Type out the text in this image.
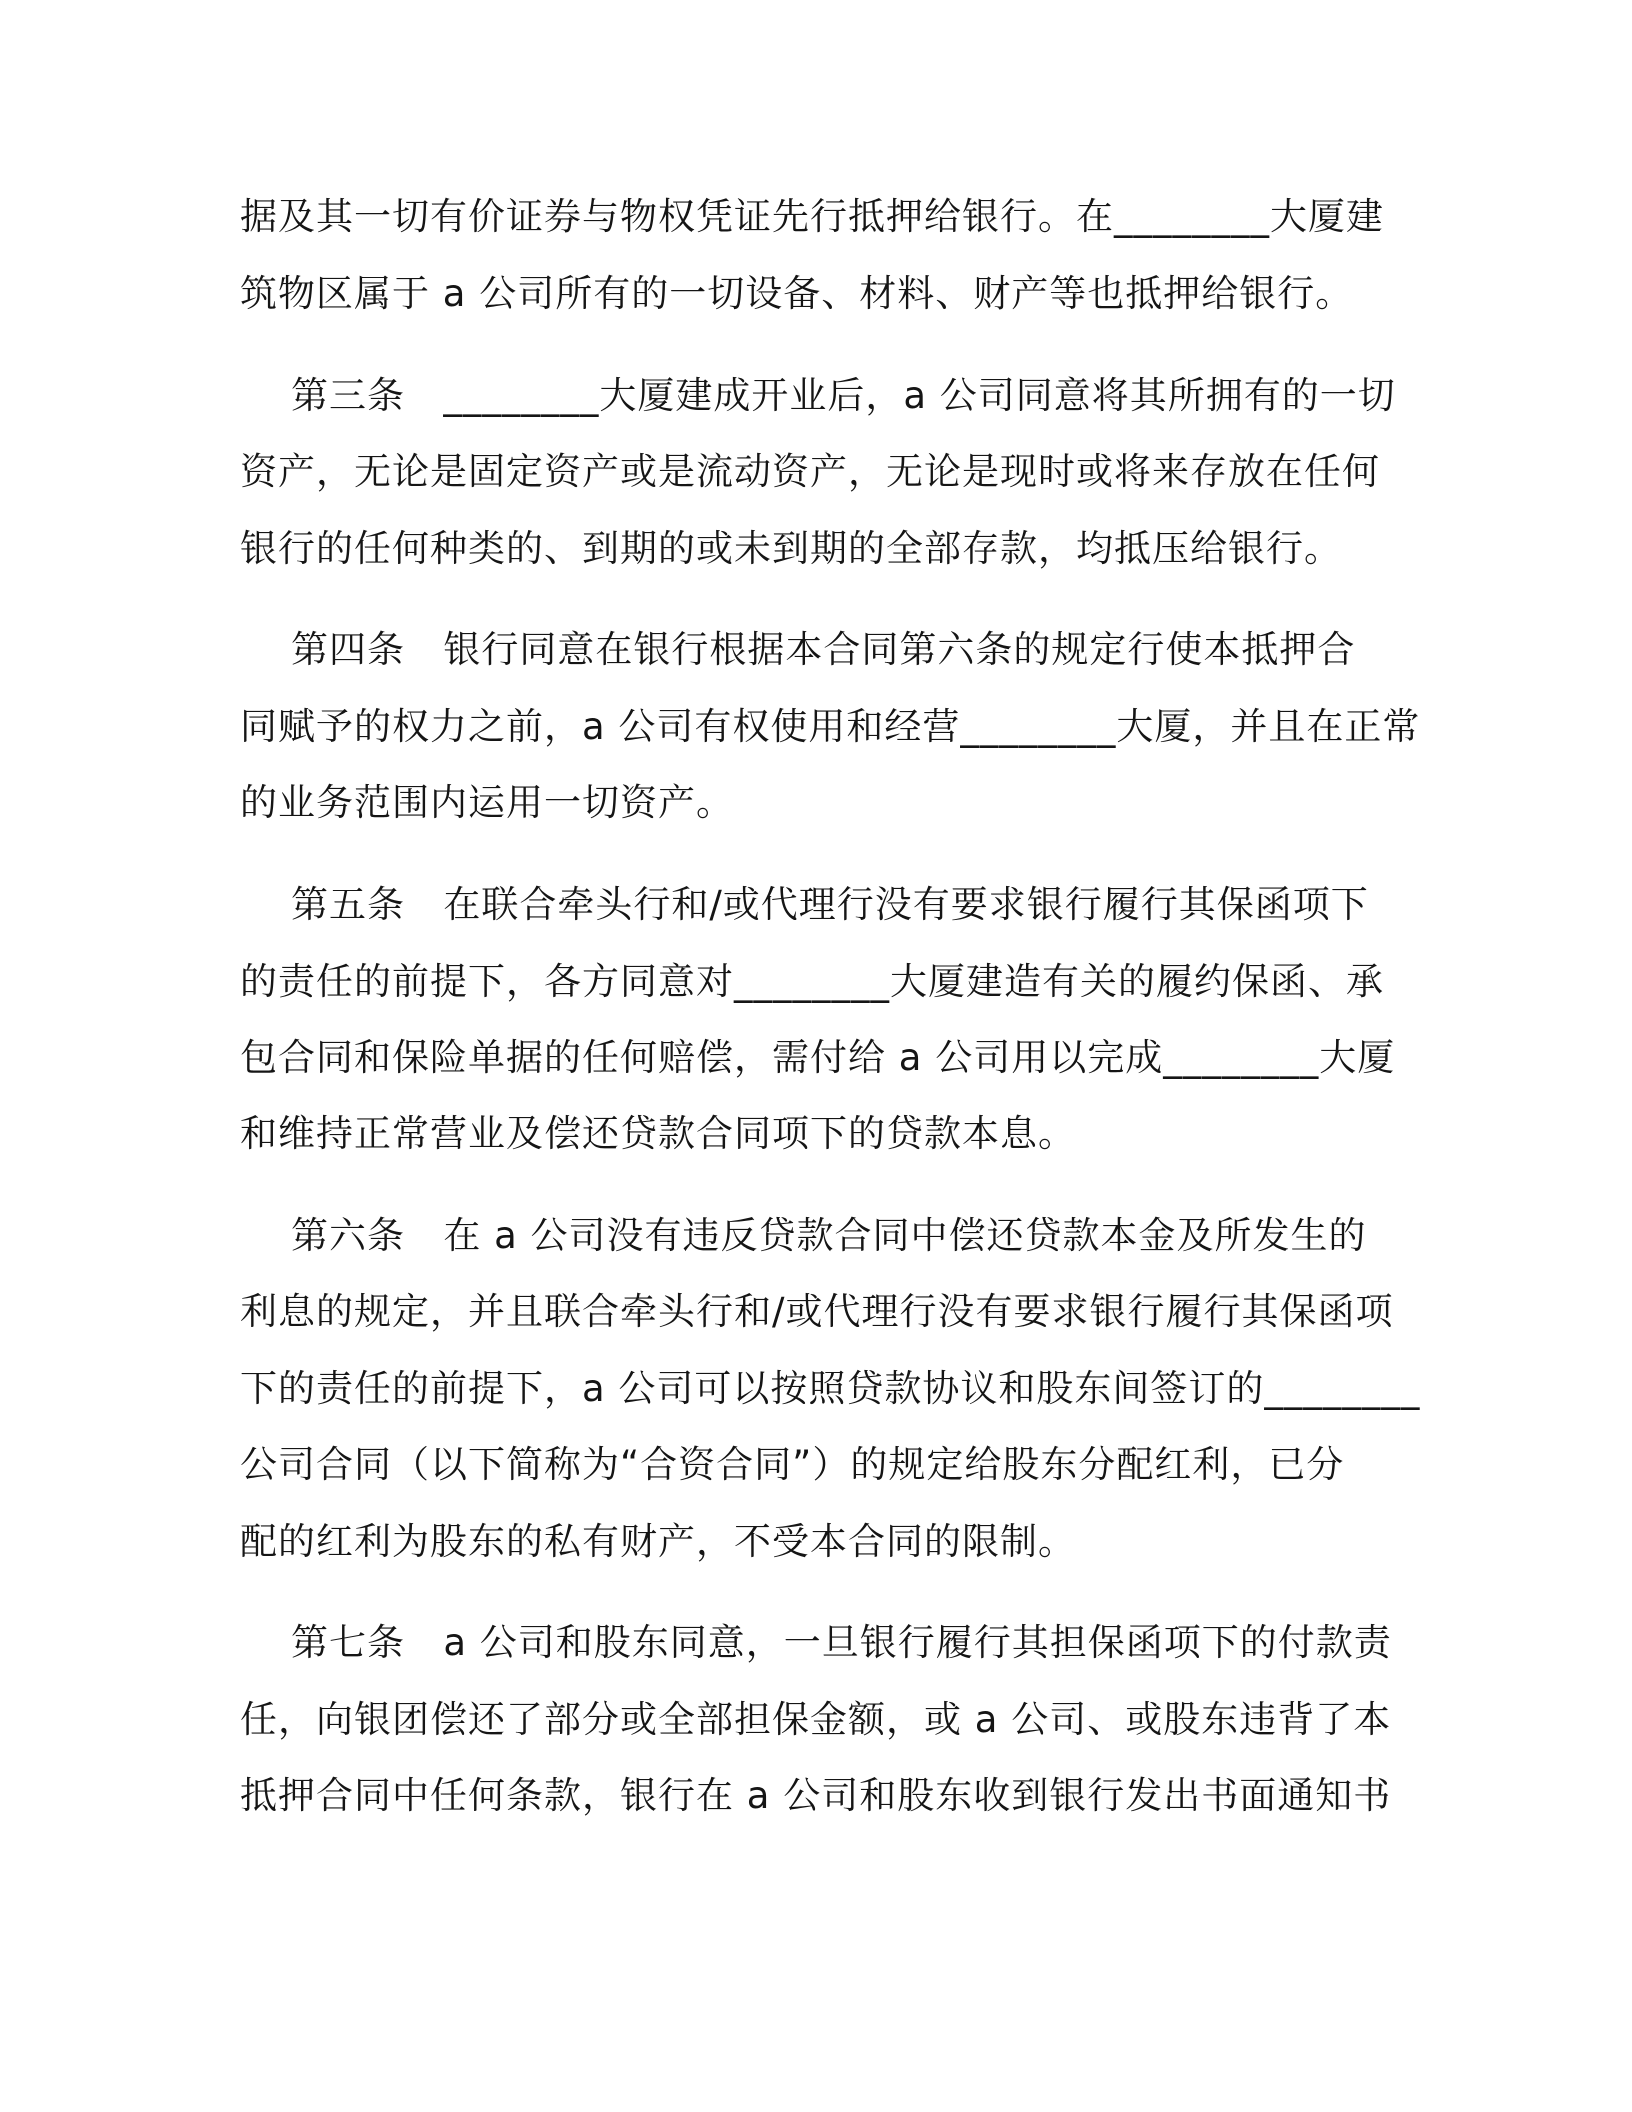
据及其一切有价证券与物权凭证先行抵押给银行。在________大厦建
筑物区属于 a 公司所有的一切设备、材料、财产等也抵押给银行。
第三条   ________大厦建成开业后，a 公司同意将其所拥有的一切
资产，无论是固定资产或是流动资产，无论是现时或将来存放在任何
银行的任何种类的、到期的或未到期的全部存款，均抵压给银行。
第四条   银行同意在银行根据本合同第六条的规定行使本抵押合
同赋予的权力之前，a 公司有权使用和经营________大厦，并且在正常
的业务范围内运用一切资产。
第五条   在联合牵头行和/或代理行没有要求银行履行其保函项下
的责任的前提下，各方同意对________大厦建造有关的履约保函、承
包合同和保险单据的任何赔偿，需付给 a 公司用以完成________大厦
和维持正常营业及偿还贷款合同项下的贷款本息。
第六条   在 a 公司没有违反贷款合同中偿还贷款本金及所发生的
利息的规定，并且联合牵头行和/或代理行没有要求银行履行其保函项
下的责任的前提下，a 公司可以按照贷款协议和股东间签订的________
公司合同（以下简称为“合资合同”）的规定给股东分配红利，已分
配的红利为股东的私有财产，不受本合同的限制。
第七条   a 公司和股东同意，一旦银行履行其担保函项下的付款责
任，向银团偿还了部分或全部担保金额，或 a 公司、或股东违背了本
抵押合同中任何条款，银行在 a 公司和股东收到银行发出书面通知书
